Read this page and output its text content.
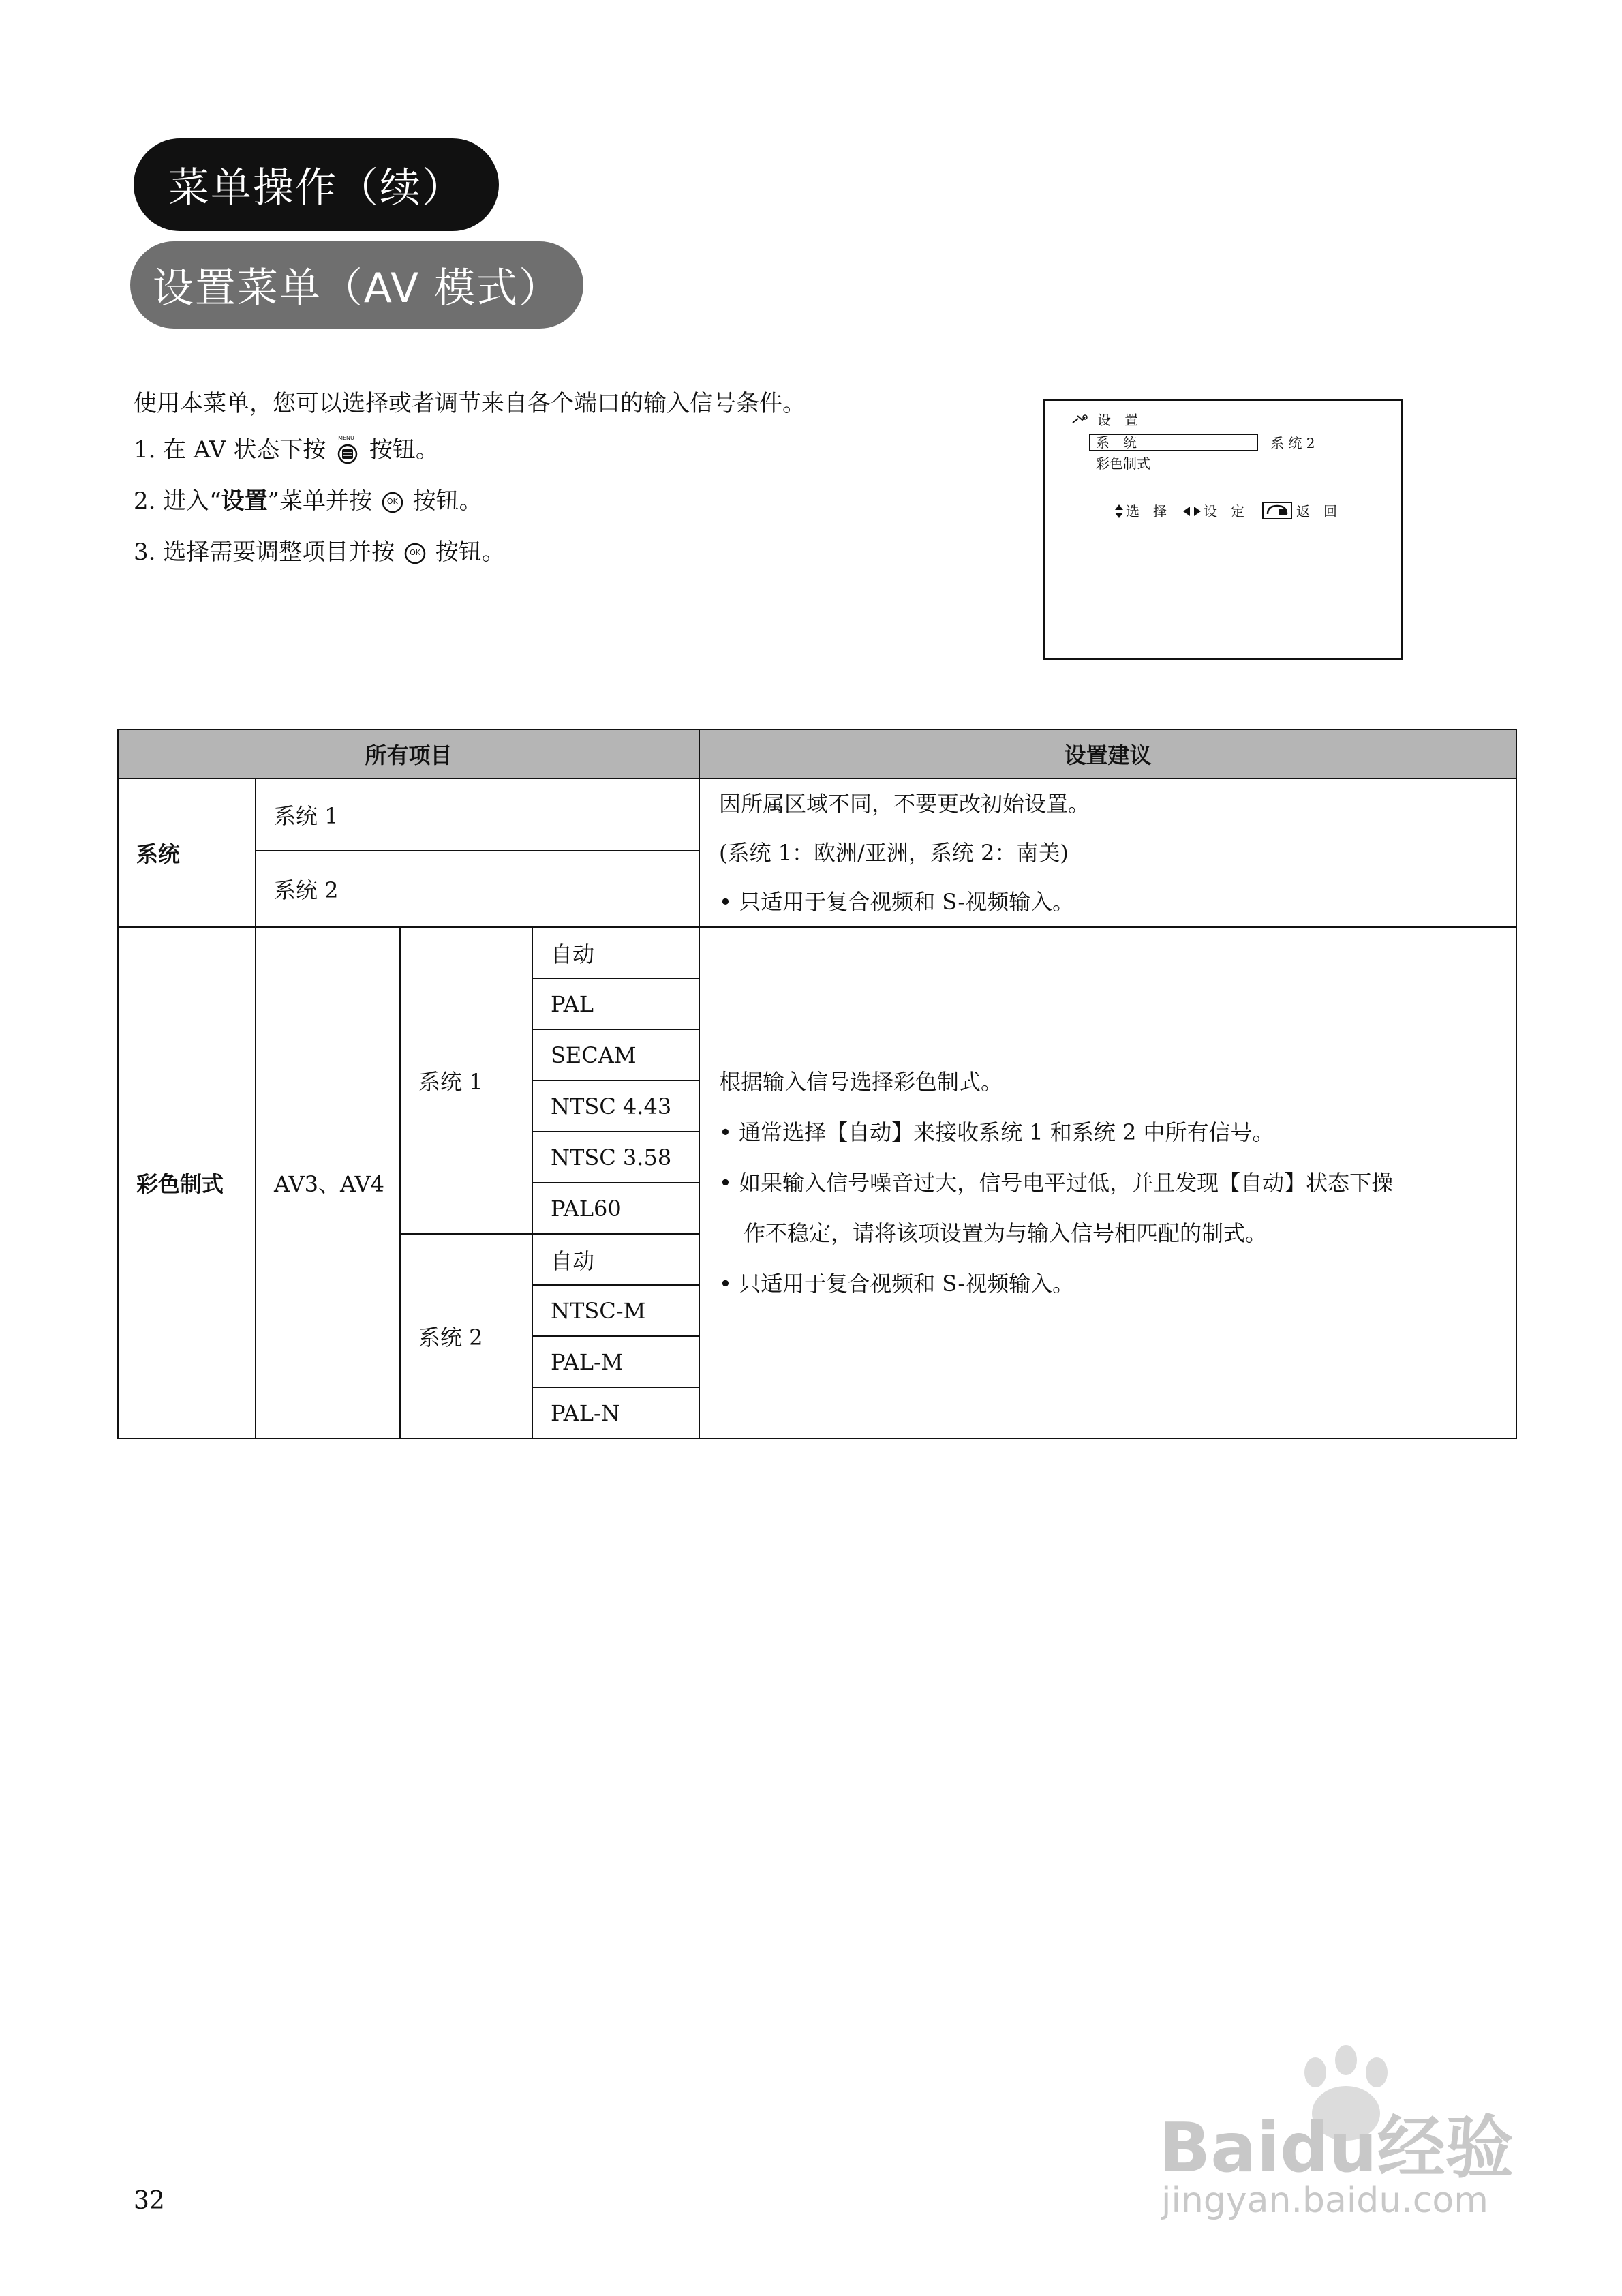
菜单操作（续）
设置菜单（AV 模式）
使用本菜单，您可以选择或者调节来自各个端口的输入信号条件。
1. 在 AV 状态下按 MENU 按钮。
2. 进入“设置”菜单并按	OK 按钮。
3. 选择需要调整项目并按	OK 按钮。
设　置
系　统	系 统 2
彩色制式
选　择	设　定	返　回
所有项目				设置建议
系统	系统 1			因所属区域不同，不要更改初始设置。
(系统 1：欧洲/亚洲，系统 2：南美)
• 只适用于复合视频和 S-视频输入。

	系统 2			
彩色制式	AV3、AV4	系统 1	自动	根据输入信号选择彩色制式。
• 通常选择【自动】来接收系统 1 和系统 2 中所有信号。
• 如果输入信号噪音过大，信号电平过低，并且发现【自动】状态下操
作不稳定，请将该项设置为与输入信号相匹配的制式。
• 只适用于复合视频和 S-视频输入。

			PAL	
			SECAM	
			NTSC 4.43	
			NTSC 3.58	
			PAL60	
		系统 2	自动	
			NTSC-M	
			PAL-M	
			PAL-N	
32
Baidu经验
jingyan.baidu.com
